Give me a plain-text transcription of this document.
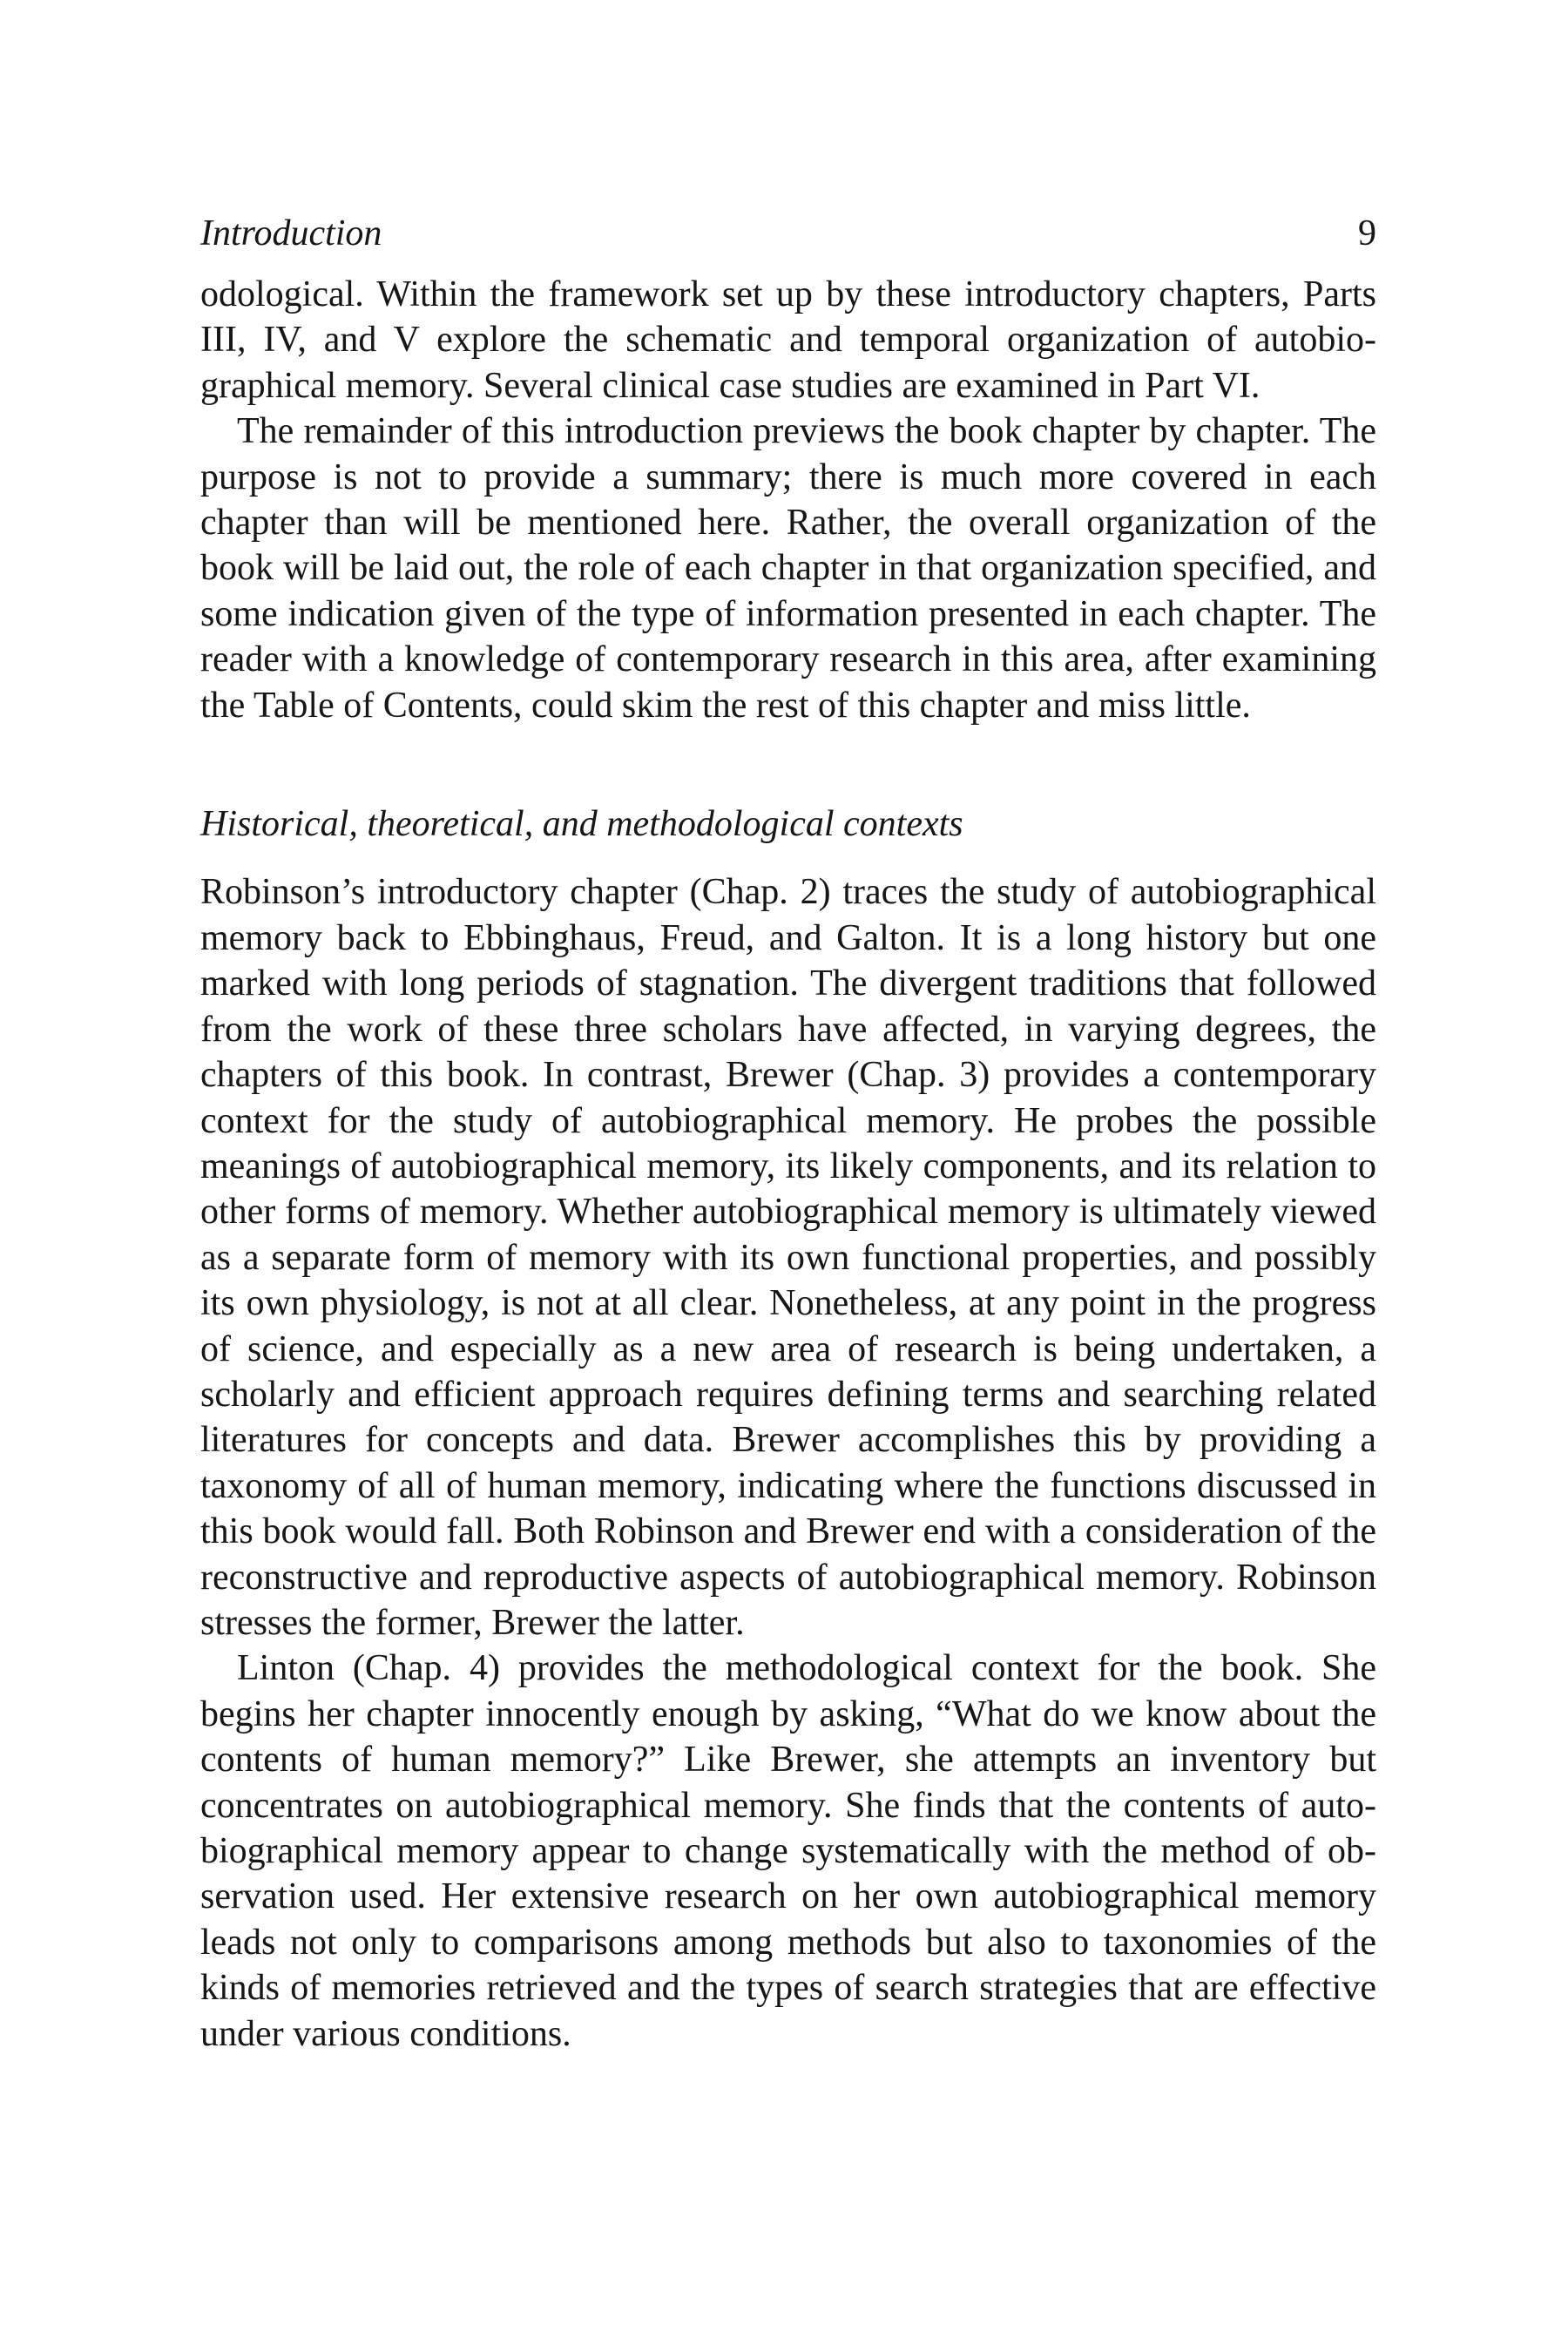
Introduction	9

odological. Within the framework set up by these introductory chapters, Parts III, IV, and V explore the schematic and temporal organization of autobiographical memory. Several clinical case studies are examined in Part VI.

The remainder of this introduction previews the book chapter by chapter. The purpose is not to provide a summary; there is much more covered in each chapter than will be mentioned here. Rather, the overall organization of the book will be laid out, the role of each chapter in that organization specified, and some indication given of the type of information presented in each chapter. The reader with a knowledge of contemporary research in this area, after examining the Table of Contents, could skim the rest of this chapter and miss little.

Historical, theoretical, and methodological contexts

Robinson’s introductory chapter (Chap. 2) traces the study of autobiographical memory back to Ebbinghaus, Freud, and Galton. It is a long history but one marked with long periods of stagnation. The divergent traditions that followed from the work of these three scholars have affected, in varying degrees, the chapters of this book. In contrast, Brewer (Chap. 3) provides a contemporary context for the study of autobiographical memory. He probes the possible meanings of autobiographical memory, its likely components, and its relation to other forms of memory. Whether autobiographical memory is ultimately viewed as a separate form of memory with its own functional properties, and possibly its own physiology, is not at all clear. Nonetheless, at any point in the progress of science, and especially as a new area of research is being undertaken, a scholarly and efficient approach requires defining terms and searching related literatures for concepts and data. Brewer accomplishes this by providing a taxonomy of all of human memory, indicating where the functions discussed in this book would fall. Both Robinson and Brewer end with a consideration of the reconstructive and reproductive aspects of autobiographical memory. Robinson stresses the former, Brewer the latter.

Linton (Chap. 4) provides the methodological context for the book. She begins her chapter innocently enough by asking, “What do we know about the contents of human memory?” Like Brewer, she attempts an inventory but concentrates on autobiographical memory. She finds that the contents of autobiographical memory appear to change systematically with the method of observation used. Her extensive research on her own autobiographical memory leads not only to comparisons among methods but also to taxonomies of the kinds of memories retrieved and the types of search strategies that are effective under various conditions.
